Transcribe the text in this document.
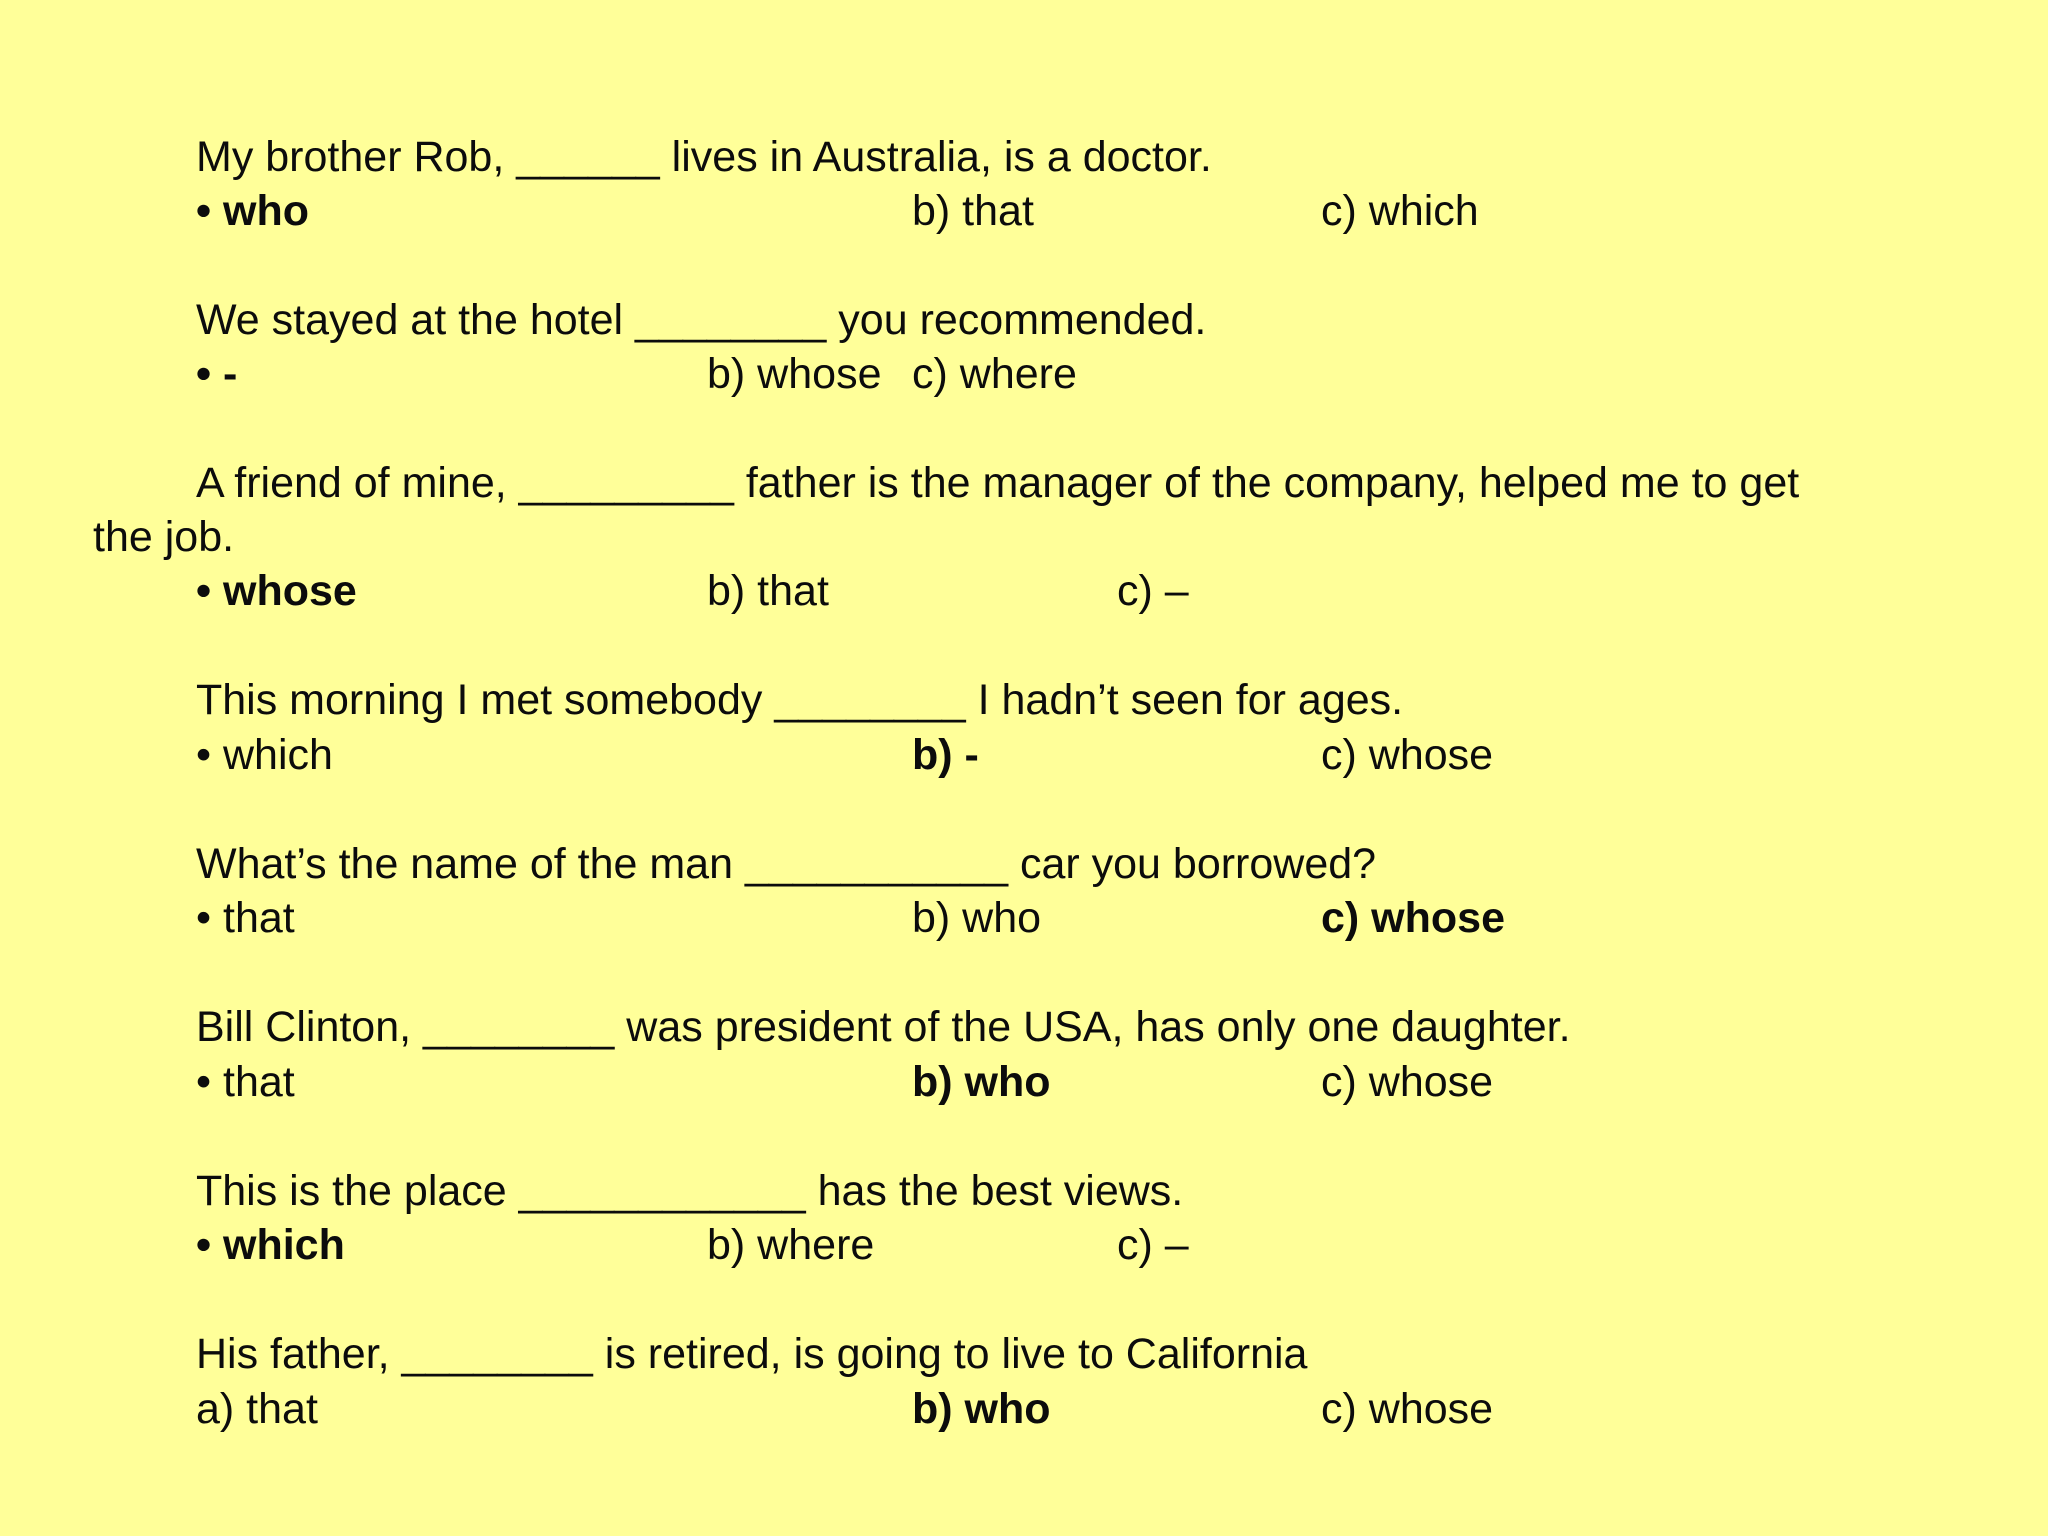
My brother Rob, ______ lives in Australia, is a doctor.
• who	b) that	c) which
We stayed at the hotel ________ you recommended.
• -	b) whose c) where
A friend of mine, _________ father is the manager of the company, helped me to get
the job.
• whose	b) that	c) –
This morning I met somebody ________ I hadn’t seen for ages.
• which	b) -	c) whose
What’s the name of the man ___________ car you borrowed?
• that	b) who	c) whose
Bill Clinton, ________ was president of the USA, has only one daughter.
• that	b) who	c) whose
This is the place ____________ has the best views.
• which	b) where	c) –
His father, ________ is retired, is going to live to California
a) that	b) who	c) whose
